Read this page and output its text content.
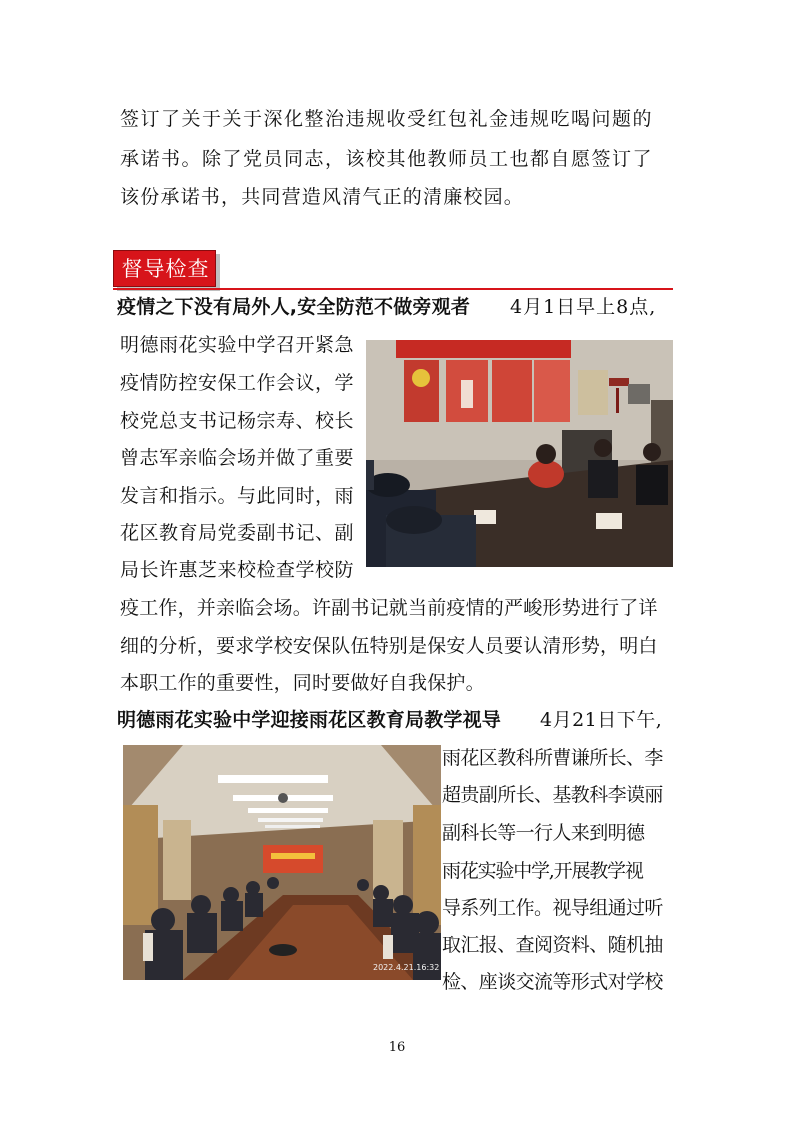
签订了关于关于深化整治违规收受红包礼金违规吃喝问题的
承诺书。除了党员同志，该校其他教师员工也都自愿签订了
该份承诺书，共同营造风清气正的清廉校园。
督导检查
疫情之下没有局外人,安全防范不做旁观者 4月1日早上8点,
明德雨花实验中学召开紧急
疫情防控安保工作会议，学
校党总支书记杨宗寿、校长
曾志军亲临会场并做了重要
发言和指示。与此同时，雨
花区教育局党委副书记、副
局长许惠芝来校检查学校防
疫工作，并亲临会场。许副书记就当前疫情的严峻形势进行了详
细的分析，要求学校安保队伍特别是保安人员要认清形势，明白
本职工作的重要性，同时要做好自我保护。
明德雨花实验中学迎接雨花区教育局教学视导 4月21日下午,
2022.4.21.16:32
雨花区教科所曹谦所长、李
超贵副所长、基教科李谟丽
副科长等一行人来到明德
雨花实验中学,开展教学视
导系列工作。视导组通过听
取汇报、查阅资料、随机抽
检、座谈交流等形式对学校
16
